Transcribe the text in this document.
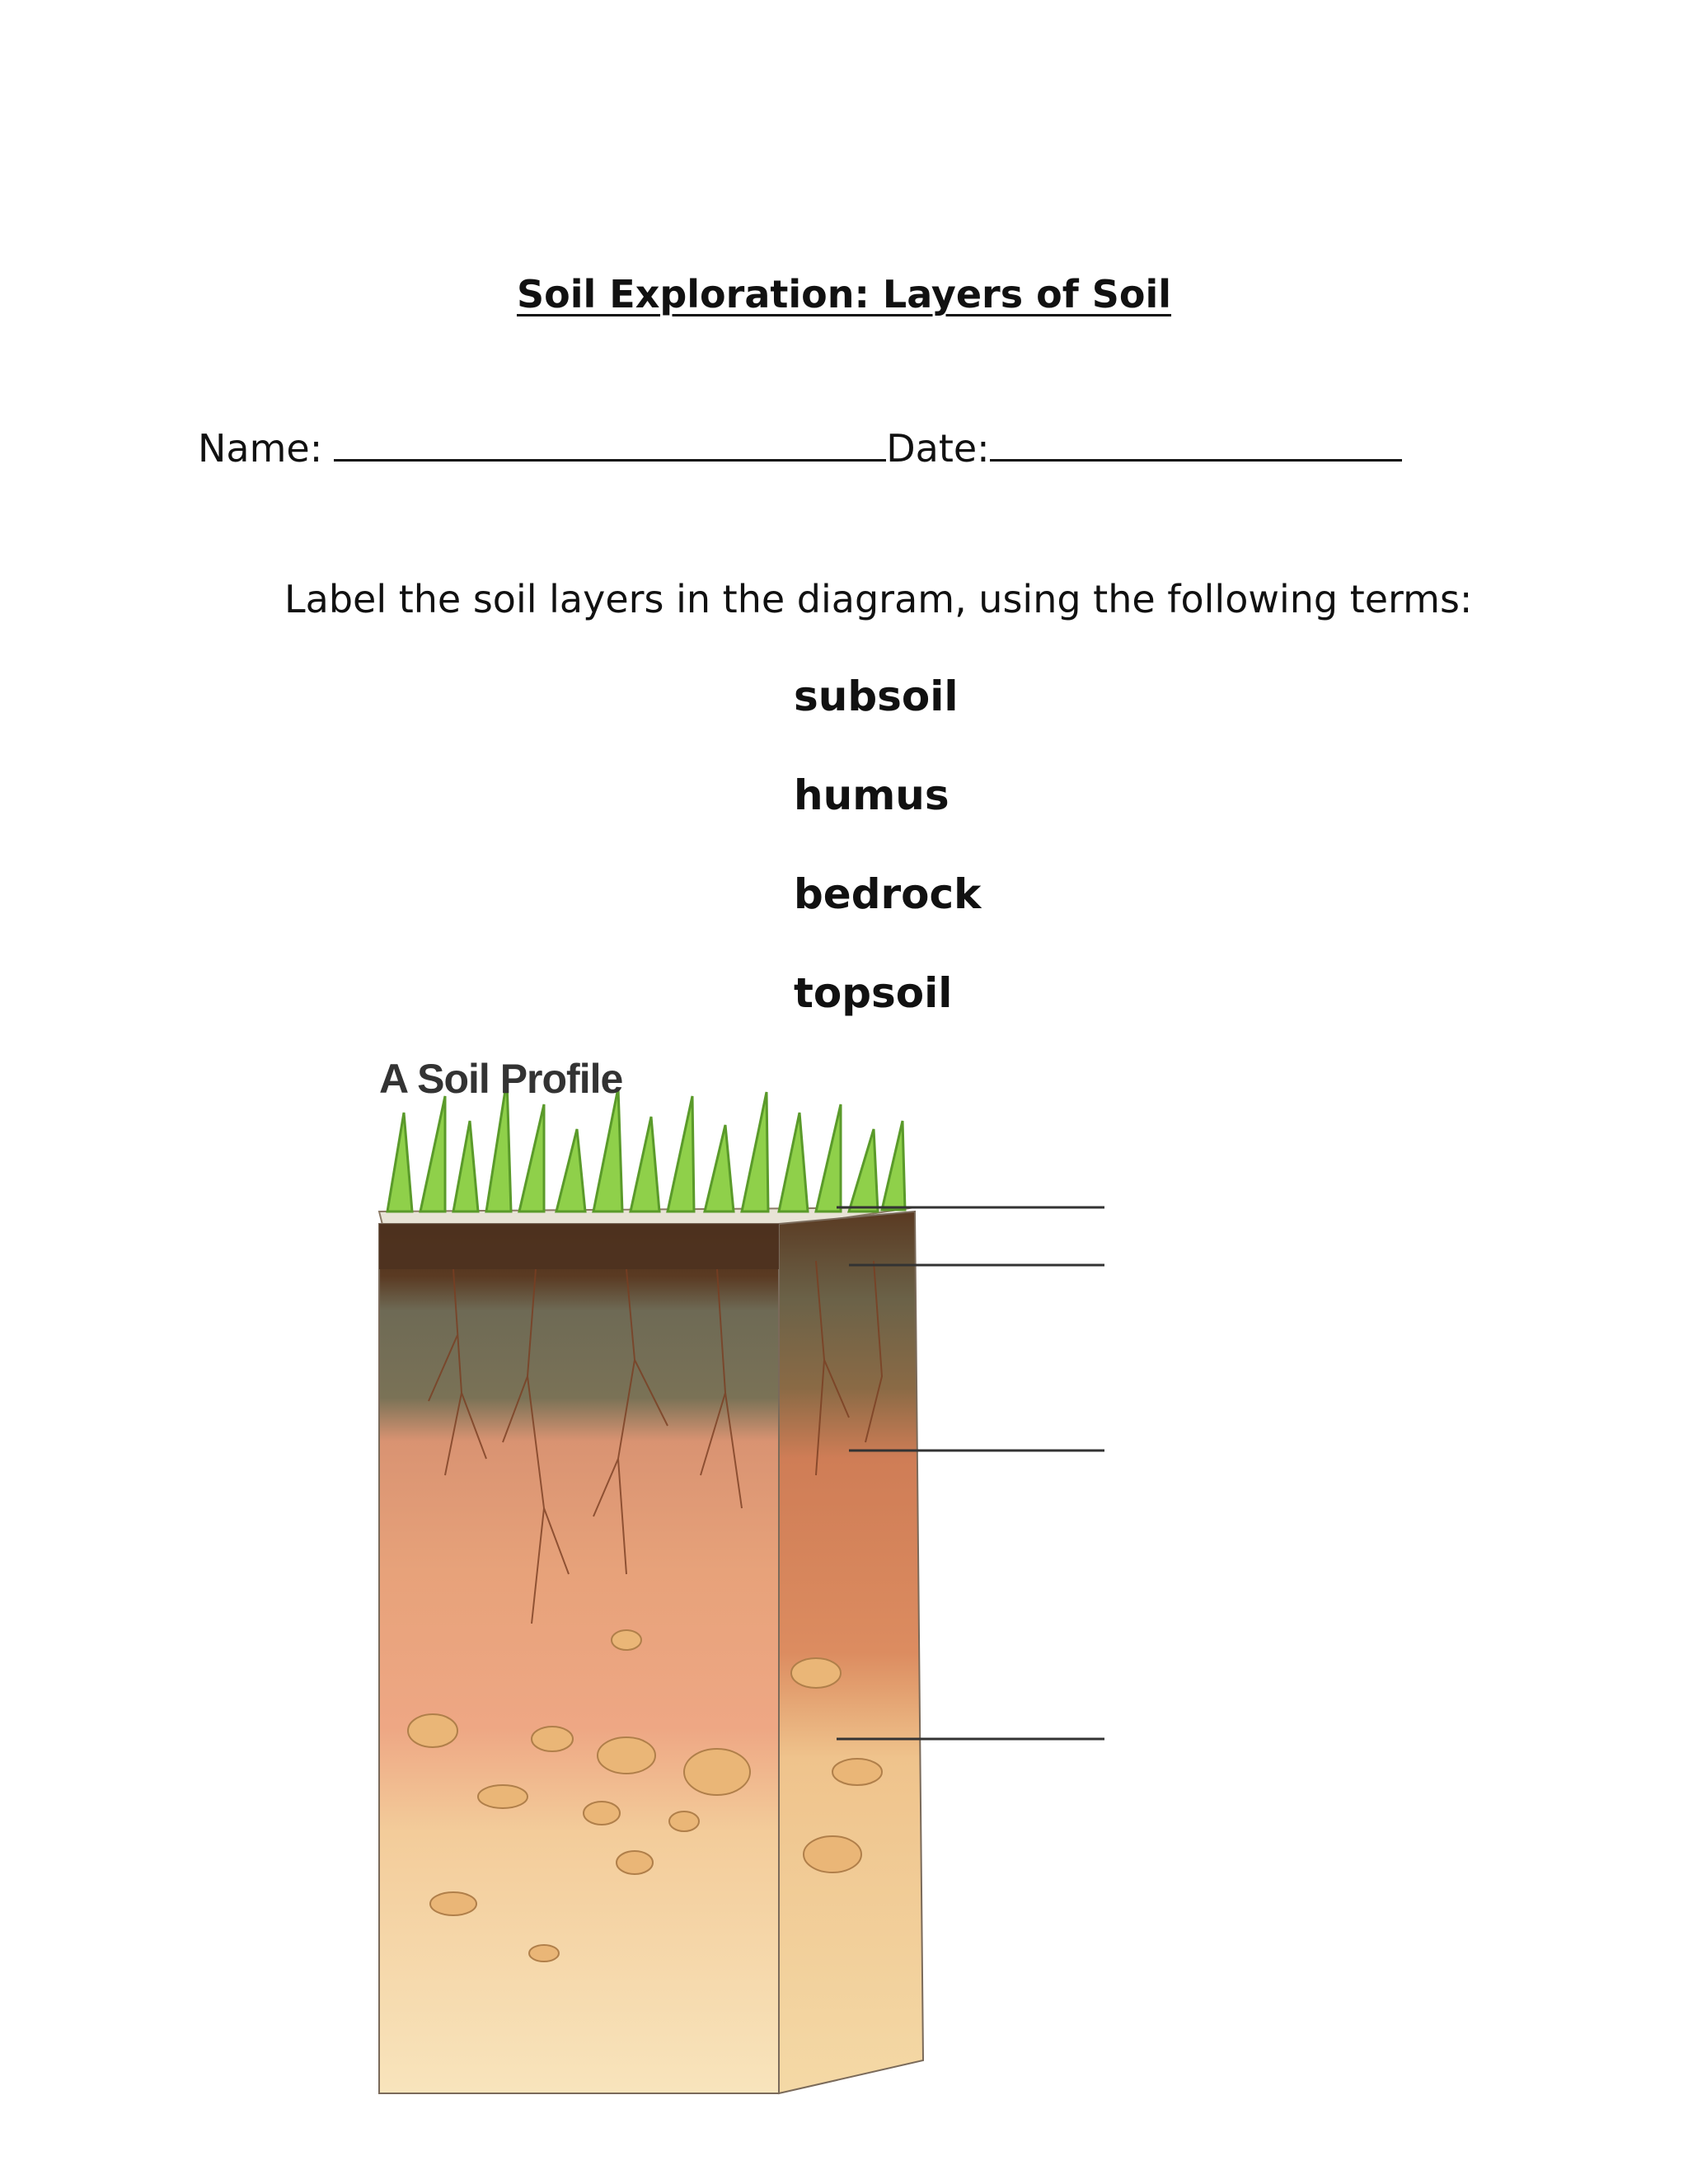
Soil Exploration: Layers of Soil
Name:	Date:
Label the soil layers in the diagram, using the following terms:
subsoil
humus
bedrock
topsoil
A Soil Profile
